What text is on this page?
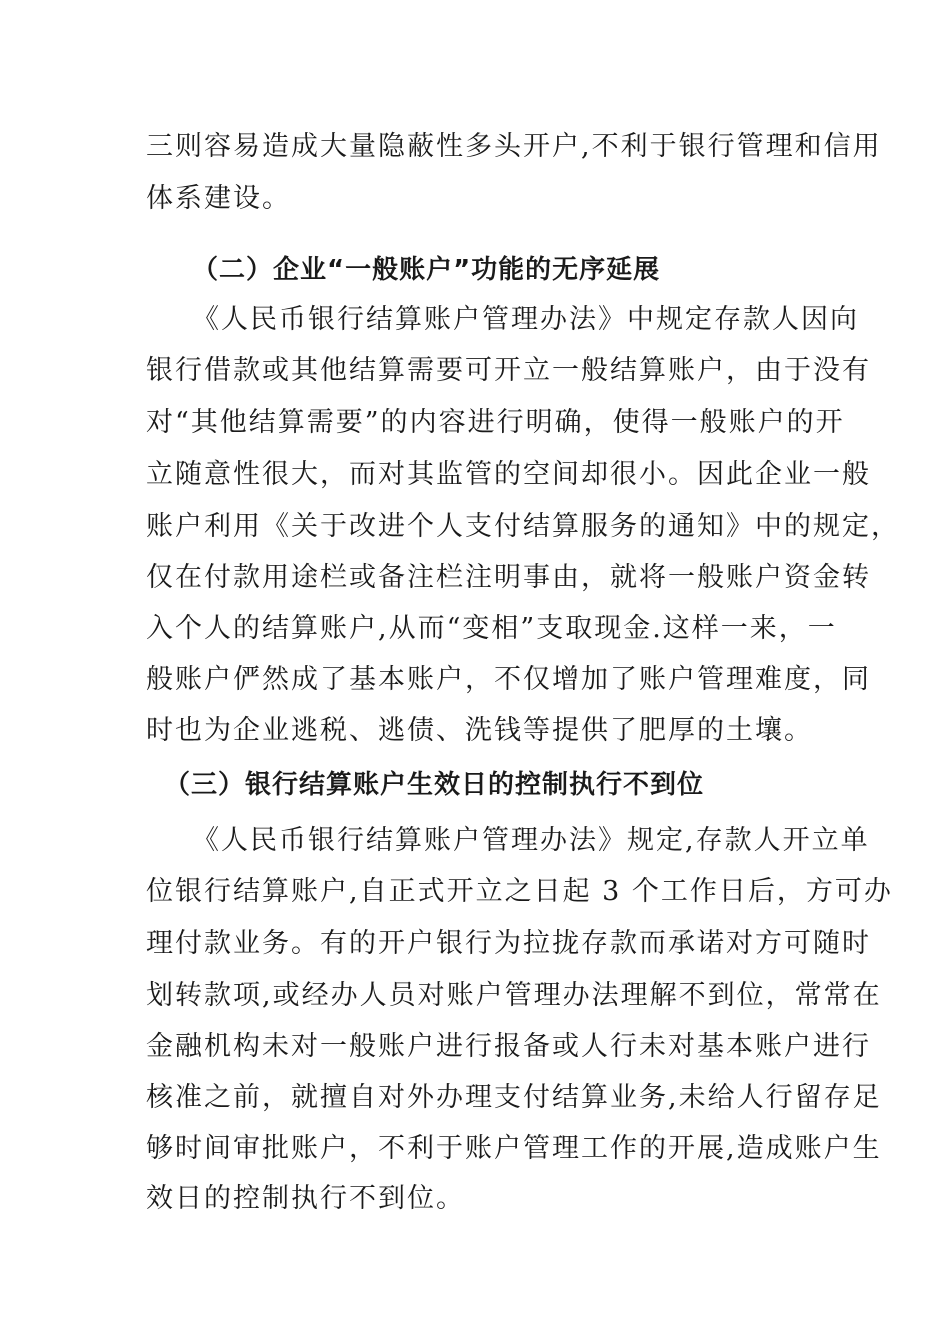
三则容易造成大量隐蔽性多头开户,不利于银行管理和信用
体系建设。
（二）企业“一般账户”功能的无序延展
《人民币银行结算账户管理办法》中规定存款人因向
银行借款或其他结算需要可开立一般结算账户，由于没有
对“其他结算需要”的内容进行明确，使得一般账户的开
立随意性很大，而对其监管的空间却很小。因此企业一般
账户利用《关于改进个人支付结算服务的通知》中的规定，
仅在付款用途栏或备注栏注明事由，就将一般账户资金转
入个人的结算账户,从而“变相”支取现金.这样一来，一
般账户俨然成了基本账户，不仅增加了账户管理难度，同
时也为企业逃税、逃债、洗钱等提供了肥厚的土壤。
（三）银行结算账户生效日的控制执行不到位
《人民币银行结算账户管理办法》规定,存款人开立单
位银行结算账户,自正式开立之日起 3 个工作日后，方可办
理付款业务。有的开户银行为拉拢存款而承诺对方可随时
划转款项,或经办人员对账户管理办法理解不到位，常常在
金融机构未对一般账户进行报备或人行未对基本账户进行
核准之前，就擅自对外办理支付结算业务,未给人行留存足
够时间审批账户，不利于账户管理工作的开展,造成账户生
效日的控制执行不到位。
